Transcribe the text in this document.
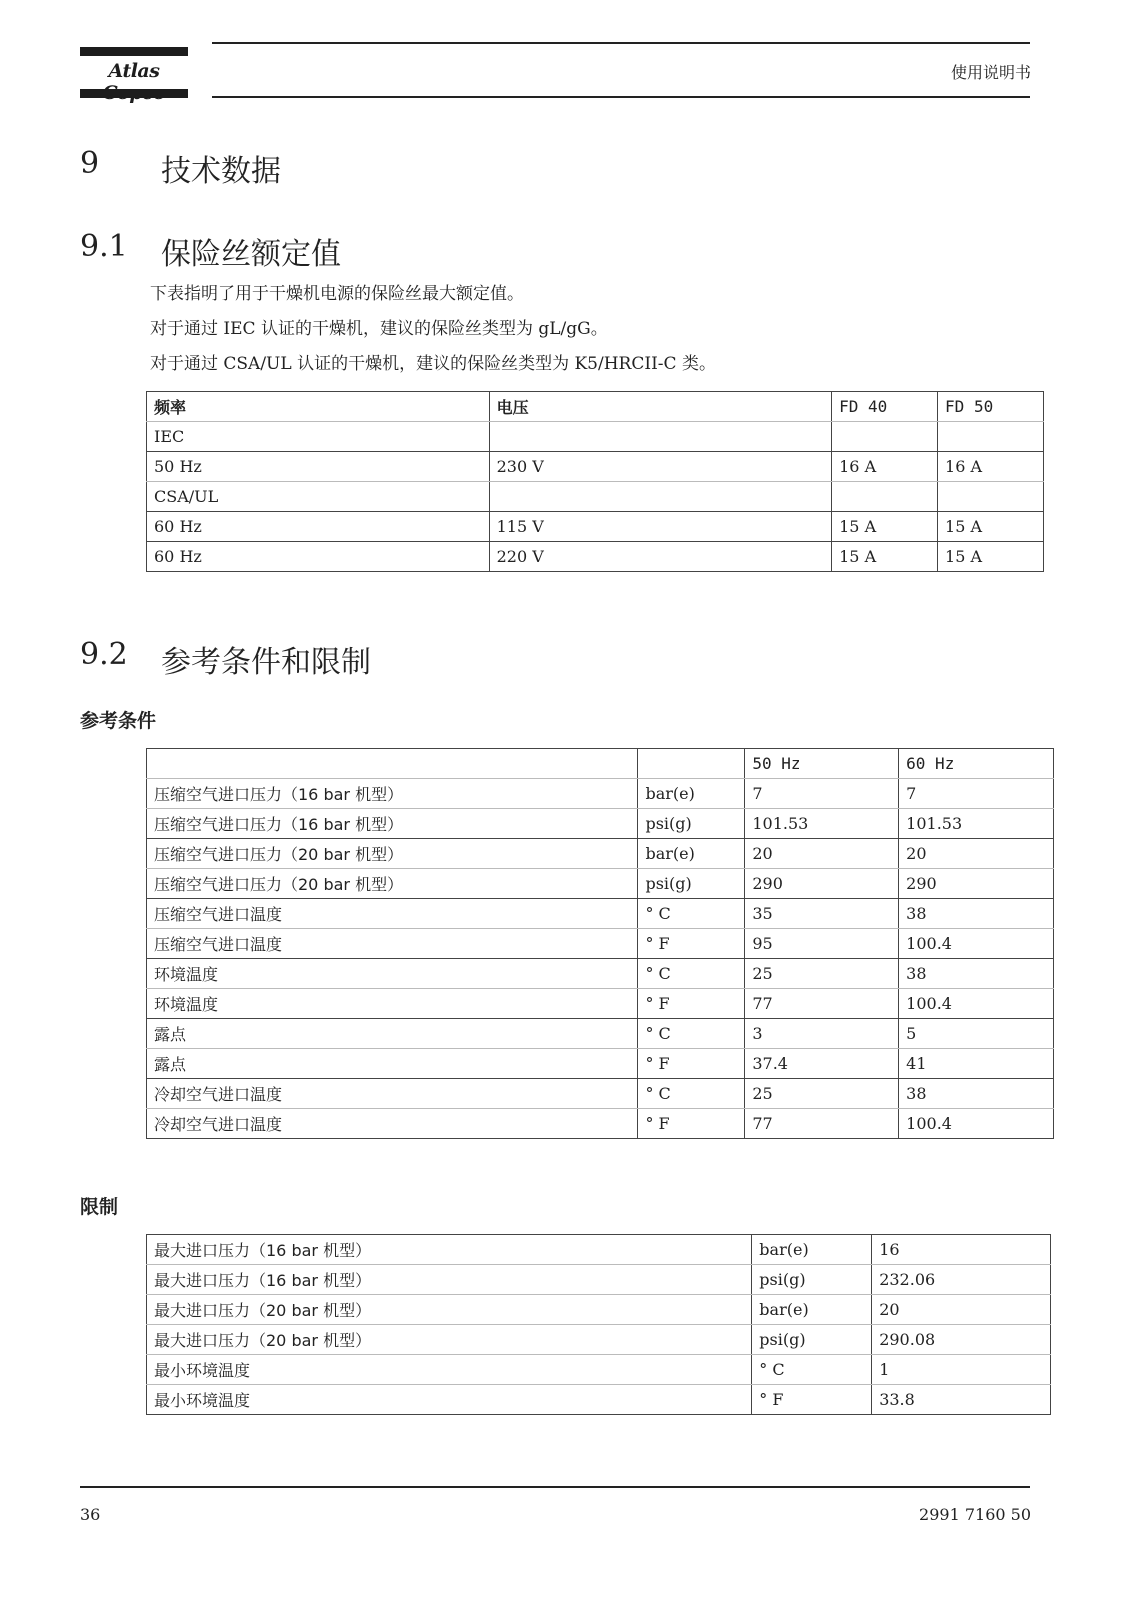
Atlas	使用说明书
9 技术数据
9.1 保险丝额定值
下表指明了用于干燥机电源的保险丝最大额定值。
对于通过 IEC 认证的干燥机，建议的保险丝类型为 gL/gG。
对于通过 CSA/UL 认证的干燥机，建议的保险丝类型为 K5/HRCII-C 类。
频率	电压	FD 40	FD 50
IEC			
50 Hz	230 V	16 A	16 A
CSA/UL			
60 Hz	115 V	15 A	15 A
60 Hz	220 V	15 A	15 A
9.2 参考条件和限制
参考条件
		50 Hz	60 Hz
压缩空气进口压力（16 bar 机型）	bar(e)	7	7
压缩空气进口压力（16 bar 机型）	psi(g)	101.53	101.53
压缩空气进口压力（20 bar 机型）	bar(e)	20	20
压缩空气进口压力（20 bar 机型）	psi(g)	290	290
压缩空气进口温度	° C	35	38
压缩空气进口温度	° F	95	100.4
环境温度	° C	25	38
环境温度	° F	77	100.4
露点	° C	3	5
露点	° F	37.4	41
冷却空气进口温度	° C	25	38
冷却空气进口温度	° F	77	100.4
限制
最大进口压力（16 bar 机型）	bar(e)	16
最大进口压力（16 bar 机型）	psi(g)	232.06
最大进口压力（20 bar 机型）	bar(e)	20
最大进口压力（20 bar 机型）	psi(g)	290.08
最小环境温度	° C	1
最小环境温度	° F	33.8
36	2991 7160 50
